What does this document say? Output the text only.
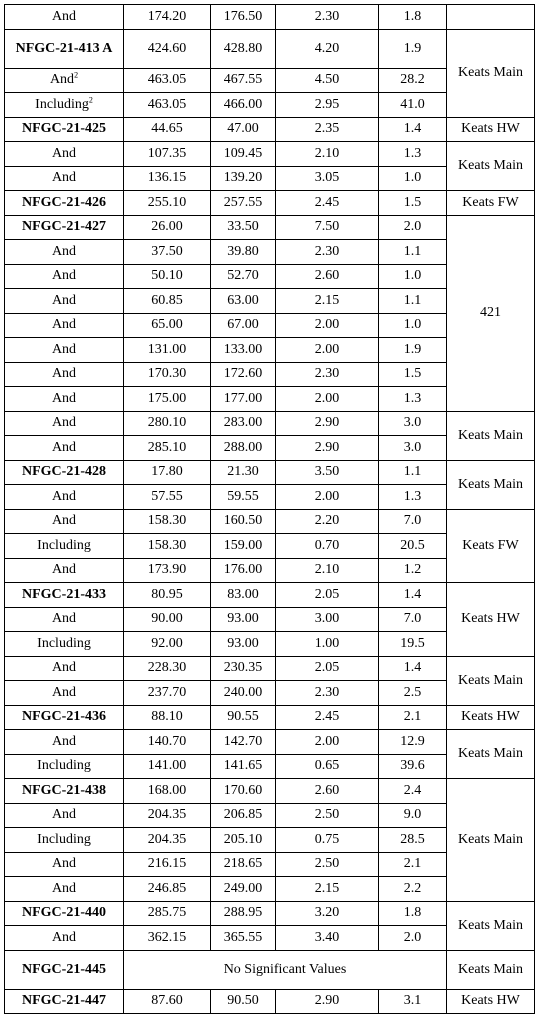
And	174.20	176.50	2.30	1.8	
NFGC-21-413 A	424.60	428.80	4.20	1.9	Keats Main
And$^2$	463.05	467.55	4.50	28.2	
Including$^2$	463.05	466.00	2.95	41.0	
NFGC-21-425	44.65	47.00	2.35	1.4	Keats HW
And	107.35	109.45	2.10	1.3	Keats Main
And	136.15	139.20	3.05	1.0	
NFGC-21-426	255.10	257.55	2.45	1.5	Keats FW
NFGC-21-427	26.00	33.50	7.50	2.0	421
And	37.50	39.80	2.30	1.1	
And	50.10	52.70	2.60	1.0	
And	60.85	63.00	2.15	1.1	
And	65.00	67.00	2.00	1.0	
And	131.00	133.00	2.00	1.9	
And	170.30	172.60	2.30	1.5	
And	175.00	177.00	2.00	1.3	
And	280.10	283.00	2.90	3.0	Keats Main
And	285.10	288.00	2.90	3.0	
NFGC-21-428	17.80	21.30	3.50	1.1	Keats Main
And	57.55	59.55	2.00	1.3	
And	158.30	160.50	2.20	7.0	Keats FW
Including	158.30	159.00	0.70	20.5	
And	173.90	176.00	2.10	1.2	
NFGC-21-433	80.95	83.00	2.05	1.4	Keats HW
And	90.00	93.00	3.00	7.0	
Including	92.00	93.00	1.00	19.5	
And	228.30	230.35	2.05	1.4	Keats Main
And	237.70	240.00	2.30	2.5	
NFGC-21-436	88.10	90.55	2.45	2.1	Keats HW
And	140.70	142.70	2.00	12.9	Keats Main
Including	141.00	141.65	0.65	39.6	
NFGC-21-438	168.00	170.60	2.60	2.4	Keats Main
And	204.35	206.85	2.50	9.0	
Including	204.35	205.10	0.75	28.5	
And	216.15	218.65	2.50	2.1	
And	246.85	249.00	2.15	2.2	
NFGC-21-440	285.75	288.95	3.20	1.8	Keats Main
And	362.15	365.55	3.40	2.0	
NFGC-21-445	No Significant Values				Keats Main
NFGC-21-447	87.60	90.50	2.90	3.1	Keats HW
